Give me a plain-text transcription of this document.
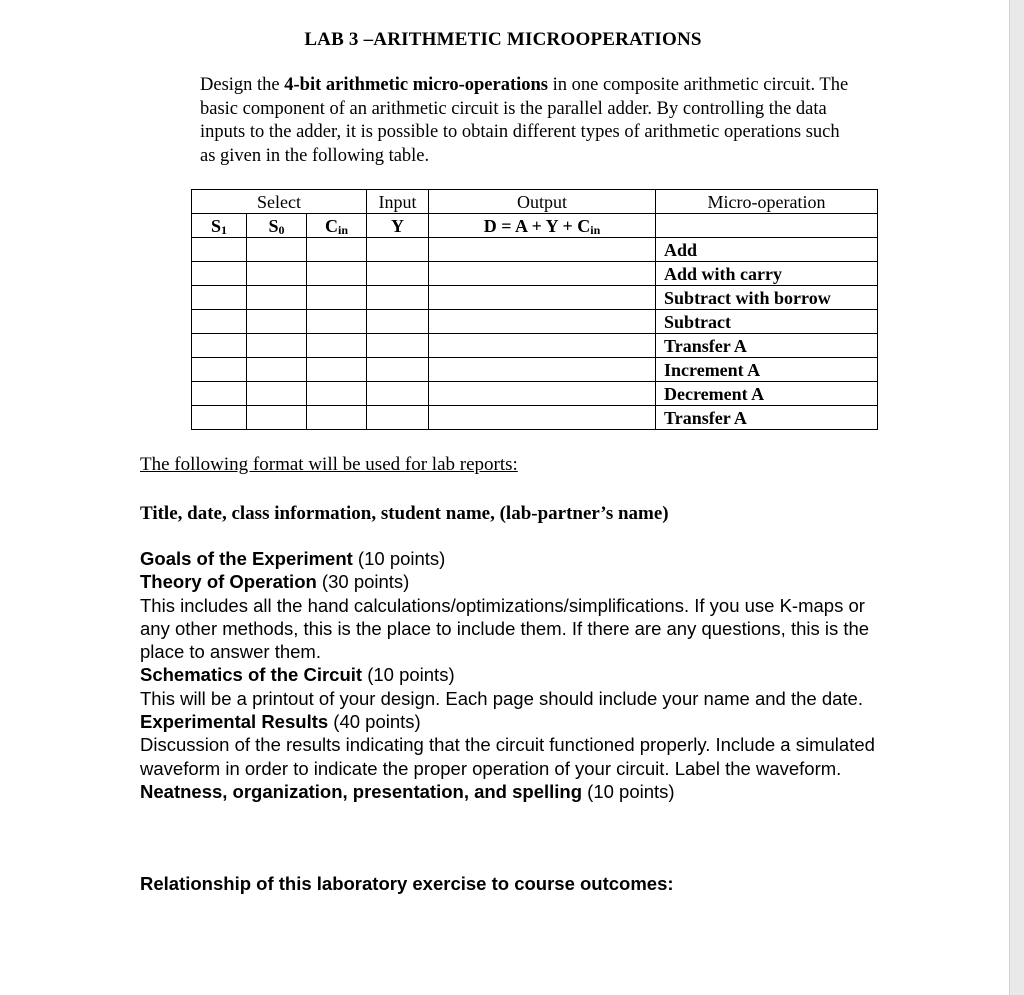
LAB 3 –ARITHMETIC MICROOPERATIONS
Design the 4-bit arithmetic micro-operations in one composite arithmetic circuit. The basic component of an arithmetic circuit is the parallel adder. By controlling the data inputs to the adder, it is possible to obtain different types of arithmetic operations such as given in the following table.
Select			Input	Output	Micro-operation
$S_1$	$S_0$	$C_{in}$	Y	$D = A + Y + C_{in}$	
					Add
					Add with carry
					Subtract with borrow
					Subtract
					Transfer A
					Increment A
					Decrement A
					Transfer A
The following format will be used for lab reports:
Title, date, class information, student name, (lab-partner’s name)

Goals of the Experiment (10 points)

Theory of Operation (30 points)

This includes all the hand calculations/optimizations/simplifications. If you use K-maps or any other methods, this is the place to include them. If there are any questions, this is the place to answer them.

Schematics of the Circuit (10 points)

This will be a printout of your design. Each page should include your name and the date.

Experimental Results (40 points)

Discussion of the results indicating that the circuit functioned properly. Include a simulated waveform in order to indicate the proper operation of your circuit. Label the waveform.

Neatness, organization, presentation, and spelling (10 points)

Relationship of this laboratory exercise to course outcomes:
